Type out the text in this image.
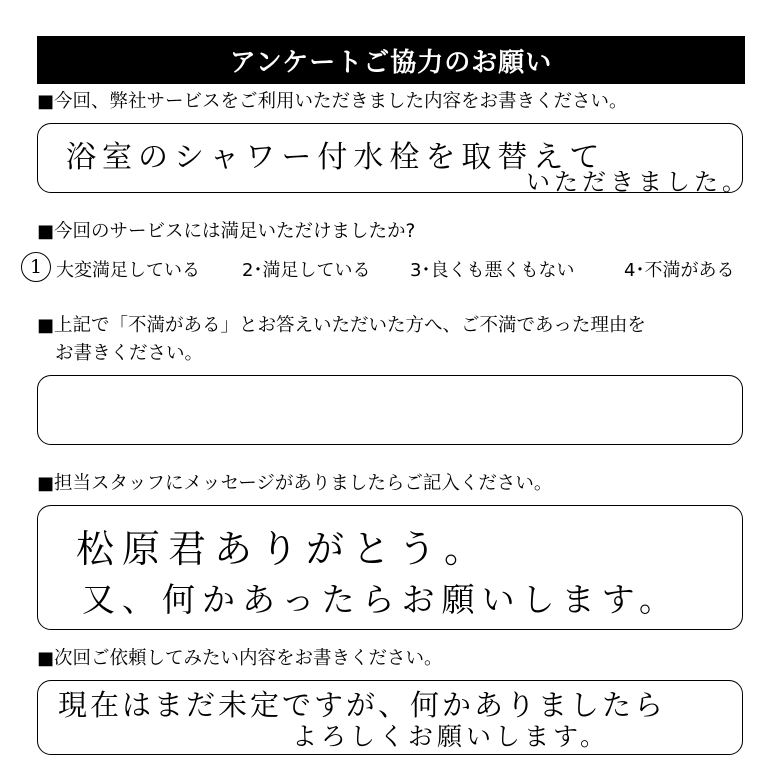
アンケートご協力のお願い
■今回、弊社サービスをご利用いただきました内容をお書きください。
浴室のシャワー付水栓を取替えて
いただきました。
■今回のサービスには満足いただけましたか?
1 大変満足している 2･満足している 3･良くも悪くもない	4･不満がある
■上記で「不満がある」とお答えいただいた方へ、ご不満であった理由を
お書きください。
■担当スタッフにメッセージがありましたらご記入ください。
松原君ありがとう。
又、何かあったらお願いします。
■次回ご依頼してみたい内容をお書きください。
現在はまだ未定ですが、何かありましたら
よろしくお願いします。
